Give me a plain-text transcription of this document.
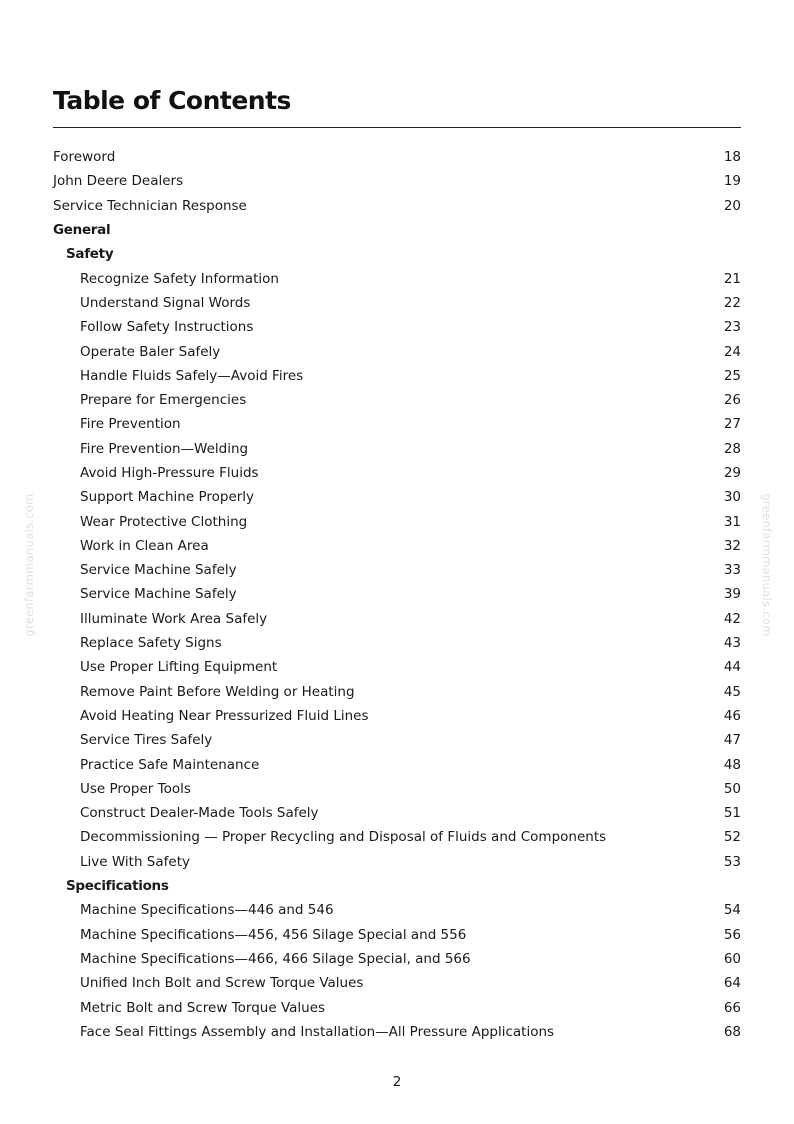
Table of Contents
Foreword	18
John Deere Dealers	19
Service Technician Response	20
General
Safety
Recognize Safety Information	21
Understand Signal Words	22
Follow Safety Instructions	23
Operate Baler Safely	24
Handle Fluids Safely—Avoid Fires	25
Prepare for Emergencies	26
Fire Prevention	27
Fire Prevention—Welding	28
Avoid High-Pressure Fluids	29
Support Machine Properly	30
Wear Protective Clothing	31
Work in Clean Area	32
Service Machine Safely	33
Service Machine Safely	39
Illuminate Work Area Safely	42
Replace Safety Signs	43
Use Proper Lifting Equipment	44
Remove Paint Before Welding or Heating	45
Avoid Heating Near Pressurized Fluid Lines	46
Service Tires Safely	47
Practice Safe Maintenance	48
Use Proper Tools	50
Construct Dealer-Made Tools Safely	51
Decommissioning — Proper Recycling and Disposal of Fluids and Components	52
Live With Safety	53
Specifications
Machine Specifications—446 and 546	54
Machine Specifications—456, 456 Silage Special and 556	56
Machine Specifications—466, 466 Silage Special, and 566	60
Unified Inch Bolt and Screw Torque Values	64
Metric Bolt and Screw Torque Values	66
Face Seal Fittings Assembly and Installation—All Pressure Applications	68
greenfarmmanuals.com	greenfarmmanuals.com
2
